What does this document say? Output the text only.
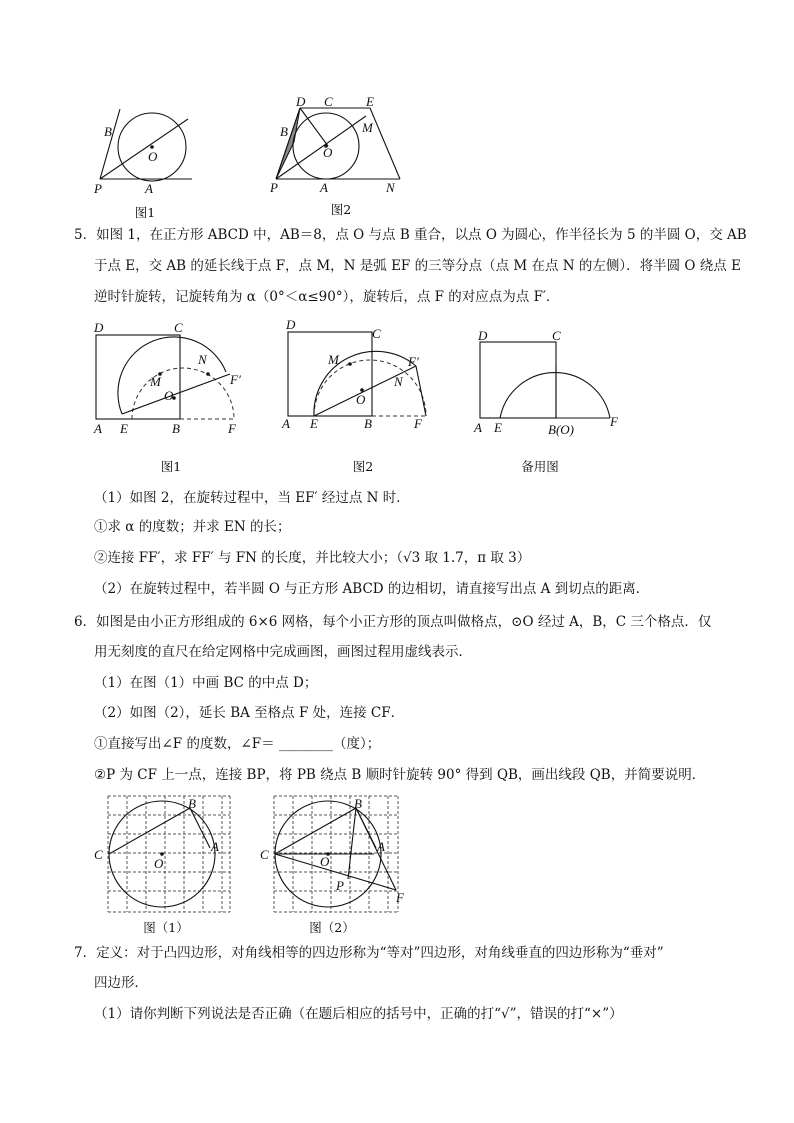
B
O
P	A
图1
D C	E
B	M
O
P	A	N
图2
5．如图 1，在正方形 ABCD 中，AB＝8，点 O 与点 B 重合，以点 O 为圆心，作半径长为 5 的半圆 O，交 AB
于点 E，交 AB 的延长线于点 F，点 M，N 是弧 EF 的三等分点（点 M 在点 N 的左侧）．将半圆 O 绕点 E
逆时针旋转，记旋转角为 α（0°＜α≤90°），旋转后，点 F 的对应点为点 F′．
D	C
N
M	F′
O
A E	B	F
图1
D
C
M	F′
N
O
A E	B	F
图2
D	C
A E	B(O)
F
备用图
（1）如图 2，在旋转过程中，当 EF′ 经过点 N 时．
①求 α 的度数；并求 EN 的长；
②连接 FF′，求 FF′ 与 FN 的长度，并比较大小；（√3 取 1.7，π 取 3）
（2）在旋转过程中，若半圆 O 与正方形 ABCD 的边相切，请直接写出点 A 到切点的距离．
6．如图是由小正方形组成的 6×6 网格，每个小正方形的顶点叫做格点，⊙O 经过 A，B，C 三个格点．仅
用无刻度的直尺在给定网格中完成画图，画图过程用虚线表示．
（1）在图（1）中画 BC 的中点 D；
（2）如图（2），延长 BA 至格点 F 处，连接 CF．
①直接写出∠F 的度数，∠F＝ ________（度）；
②P 为 CF 上一点，连接 BP，将 PB 绕点 B 顺时针旋转 90° 得到 QB，画出线段 QB，并简要说明．
B
C
O
A
图（1）
B
C	O
A
P
F
图（2）
7．定义：对于凸四边形，对角线相等的四边形称为“等对”四边形，对角线垂直的四边形称为“垂对”
四边形．
（1）请你判断下列说法是否正确（在题后相应的括号中，正确的打“√”，错误的打“×”）
